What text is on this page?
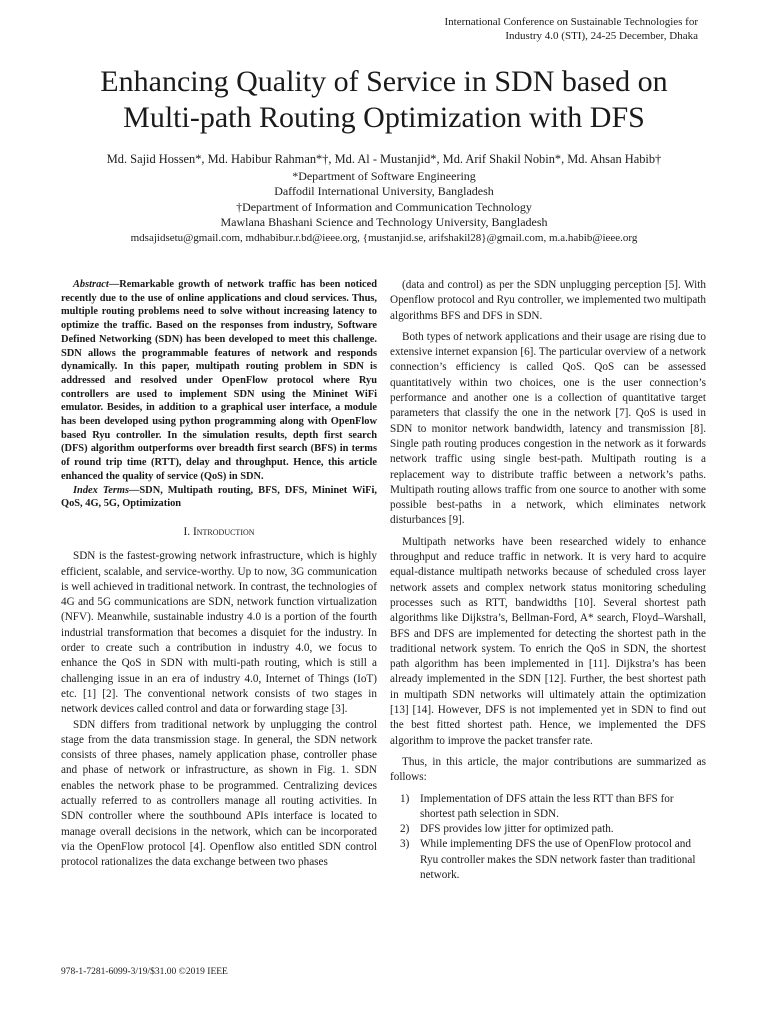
International Conference on Sustainable Technologies for
Industry 4.0 (STI), 24-25 December, Dhaka
Enhancing Quality of Service in SDN based on
Multi-path Routing Optimization with DFS
Md. Sajid Hossen*, Md. Habibur Rahman*†, Md. Al - Mustanjid*, Md. Arif Shakil Nobin*, Md. Ahsan Habib†
*Department of Software Engineering
Daffodil International University, Bangladesh
†Department of Information and Communication Technology
Mawlana Bhashani Science and Technology University, Bangladesh
mdsajidsetu@gmail.com, mdhabibur.r.bd@ieee.org, {mustanjid.se, arifshakil28}@gmail.com, m.a.habib@ieee.org

Abstract—Remarkable growth of network traffic has been noticed recently due to the use of online applications and cloud services. Thus, multiple routing problems need to solve without increasing latency to optimize the traffic. Based on the responses from industry, Software Defined Networking (SDN) has been developed to meet this challenge. SDN allows the programmable features of network and responds dynamically. In this paper, multipath routing problem in SDN is addressed and resolved under OpenFlow protocol where Ryu controllers are used to implement SDN using the Mininet WiFi emulator. Besides, in addition to a graphical user interface, a module has been developed using python programming along with OpenFlow based Ryu controller. In the simulation results, depth first search (DFS) algorithm outperforms over breadth first search (BFS) in terms of round trip time (RTT), delay and throughput. Hence, this article enhanced the quality of service (QoS) in SDN.

Index Terms—SDN, Multipath routing, BFS, DFS, Mininet WiFi, QoS, 4G, 5G, Optimization

I. Introduction

SDN is the fastest-growing network infrastructure, which is highly efficient, scalable, and service-worthy. Up to now, 3G communication is well achieved in traditional network. In contrast, the technologies of 4G and 5G communications are SDN, network function virtualization (NFV). Meanwhile, sustainable industry 4.0 is a portion of the fourth industrial transformation that becomes a disquiet for the industry. In order to create such a contribution in industry 4.0, we focus to enhance the QoS in SDN with multi-path routing, which is still a challenging issue in an era of industry 4.0, Internet of Things (IoT) etc. [1] [2]. The conventional network consists of two stages in network devices called control and data or forwarding stage [3].

SDN differs from traditional network by unplugging the control stage from the data transmission stage. In general, the SDN network consists of three phases, namely application phase, controller phase and phase of network or infrastructure, as shown in Fig. 1. SDN enables the network phase to be programmed. Centralizing devices actually referred to as controllers manage all routing activities. In SDN controller where the southbound APIs interface is located to manage overall decisions in the network, which can be incorporated via the OpenFlow protocol [4]. Openflow also entitled SDN control protocol rationalizes the data exchange between two phases

(data and control) as per the SDN unplugging perception [5]. With Openflow protocol and Ryu controller, we implemented two multipath algorithms BFS and DFS in SDN.

Both types of network applications and their usage are rising due to extensive internet expansion [6]. The particular overview of a network connection’s efficiency is called QoS. QoS can be assessed quantitatively within two choices, one is the user connection’s performance and another one is a collection of quantitative target parameters that classify the one in the network [7]. QoS is used in SDN to monitor network bandwidth, latency and transmission [8]. Single path routing produces congestion in the network as it forwards network traffic using single best-path. Multipath routing is a replacement way to distribute traffic between a network’s paths. Multipath routing allows traffic from one source to another with some possible best-paths in a network, which eliminates network disturbances [9].

Multipath networks have been researched widely to enhance throughput and reduce traffic in network. It is very hard to acquire equal-distance multipath networks because of scheduled cross layer network assets and complex network status monitoring scheduling processes such as RTT, bandwidths [10]. Several shortest path algorithms like Dijkstra’s, Bellman-Ford, A* search, Floyd–Warshall, BFS and DFS are implemented for detecting the shortest path in the traditional network system. To enrich the QoS in SDN, the shortest path algorithm has been implemented in [11]. Dijkstra’s has been already implemented in the SDN [12]. Further, the best shortest path in multipath SDN networks will ultimately attain the optimization [13] [14]. However, DFS is not implemented yet in SDN to find out the best fitted shortest path. Hence, we implemented the DFS algorithm to improve the packet transfer rate.

Thus, in this article, the major contributions are summarized as follows:

1) Implementation of DFS attain the less RTT than BFS for shortest path selection in SDN.
2) DFS provides low jitter for optimized path.
3) While implementing DFS the use of OpenFlow protocol and Ryu controller makes the SDN network faster than traditional network.
978-1-7281-6099-3/19/$31.00 ©2019 IEEE
